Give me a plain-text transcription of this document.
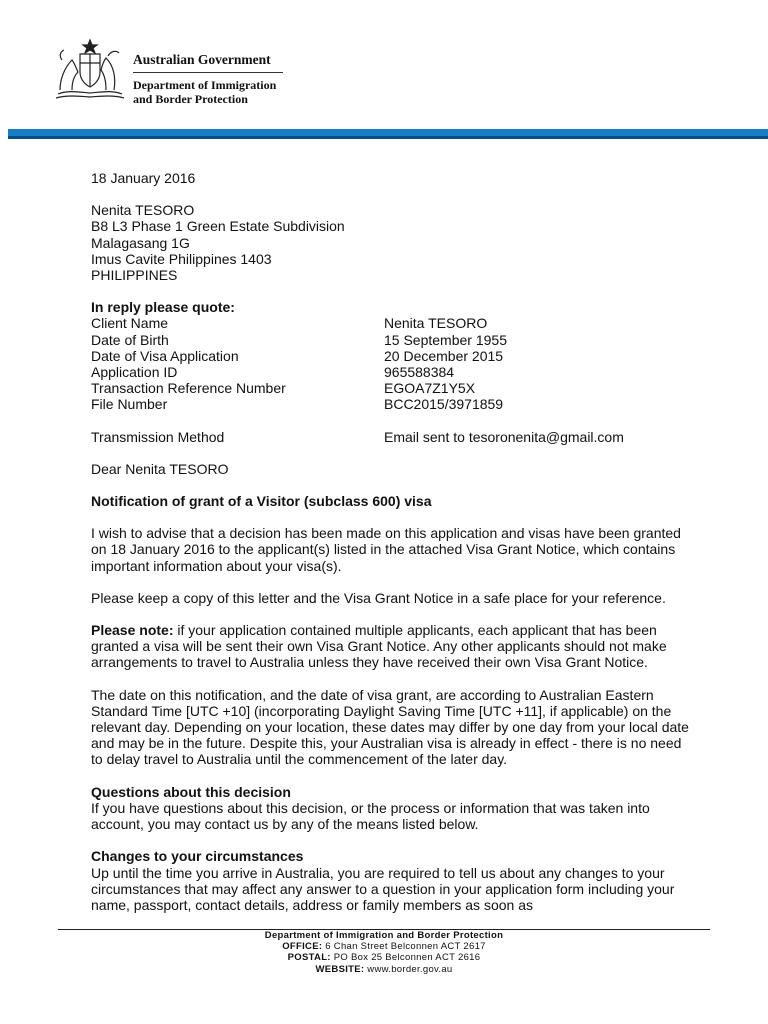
Australian Government
Department of Immigration
and Border Protection

18 January 2016

Nenita TESORO

B8 L3 Phase 1 Green Estate Subdivision

Malagasang 1G

Imus Cavite Philippines 1403

PHILIPPINES

In reply please quote:

Client Name	Nenita TESORO
Date of Birth	15 September 1955
Date of Visa Application	20 December 2015
Application ID	965588384
Transaction Reference Number	EGOA7Z1Y5X
File Number	BCC2015/3971859
Transmission Method	Email sent to tesoronenita@gmail.com

Dear Nenita TESORO

Notification of grant of a Visitor (subclass 600) visa

I wish to advise that a decision has been made on this application and visas have been granted on 18 January 2016 to the applicant(s) listed in the attached Visa Grant Notice, which contains important information about your visa(s).

Please keep a copy of this letter and the Visa Grant Notice in a safe place for your reference.

Please note: if your application contained multiple applicants, each applicant that has been granted a visa will be sent their own Visa Grant Notice. Any other applicants should not make arrangements to travel to Australia unless they have received their own Visa Grant Notice.

The date on this notification, and the date of visa grant, are according to Australian Eastern Standard Time [UTC +10] (incorporating Daylight Saving Time [UTC +11], if applicable) on the relevant day. Depending on your location, these dates may differ by one day from your local date and may be in the future. Despite this, your Australian visa is already in effect - there is no need to delay travel to Australia until the commencement of the later day.

Questions about this decision

If you have questions about this decision, or the process or information that was taken into account, you may contact us by any of the means listed below.

Changes to your circumstances

Up until the time you arrive in Australia, you are required to tell us about any changes to your circumstances that may affect any answer to a question in your application form including your name, passport, contact details, address or family members as soon as

Department of Immigration and Border Protection
OFFICE: 6 Chan Street Belconnen ACT 2617
POSTAL: PO Box 25 Belconnen ACT 2616
WEBSITE: www.border.gov.au
